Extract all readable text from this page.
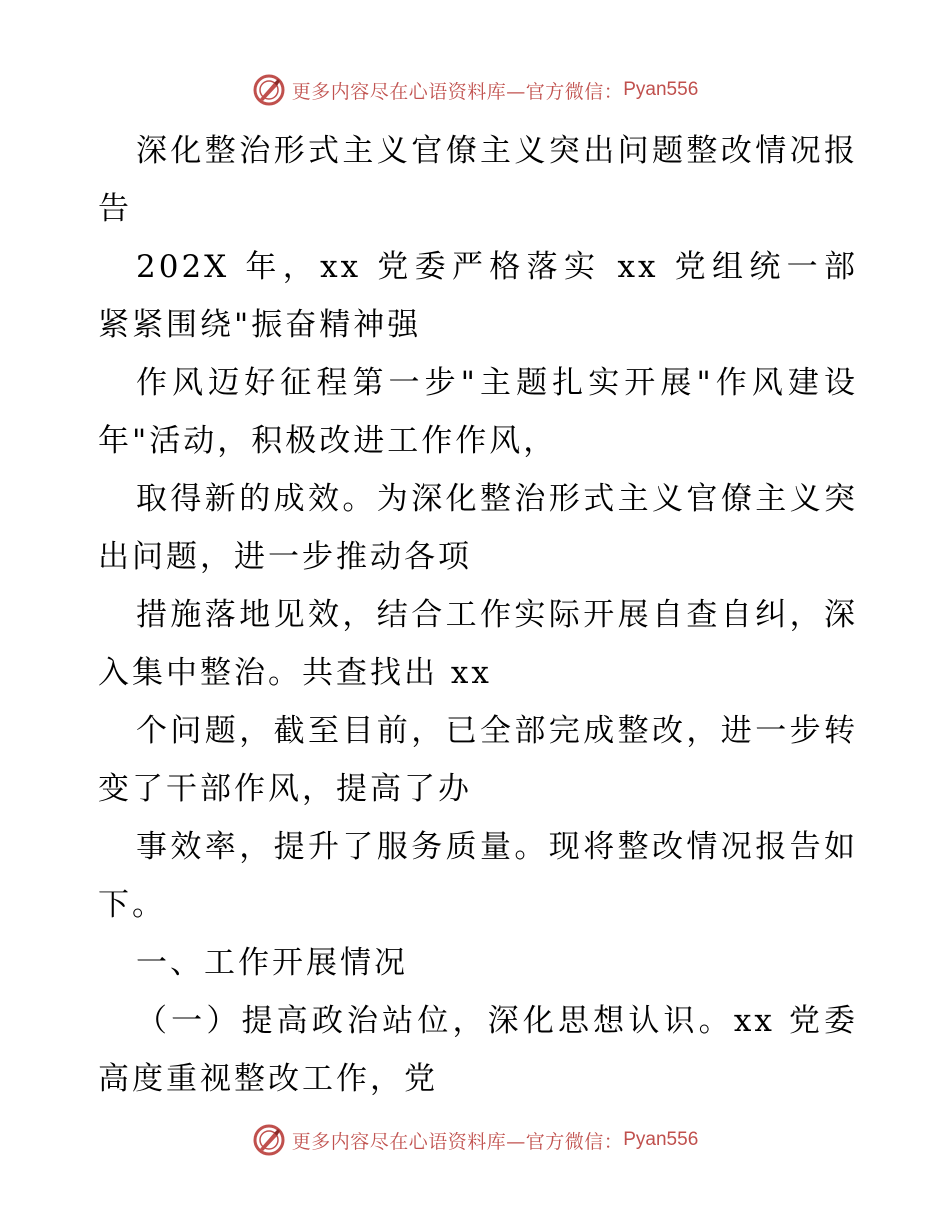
更多内容尽在心语资料库—官方微信： Pyan556
深化整治形式主义官僚主义突出问题整改情况报
告
202X 年，xx 党委严格落实 xx 党组统一部
紧紧围绕"振奋精神强
作风迈好征程第一步"主题扎实开展"作风建设
年"活动，积极改进工作作风，
取得新的成效。为深化整治形式主义官僚主义突
出问题，进一步推动各项
措施落地见效，结合工作实际开展自查自纠，深
入集中整治。共查找出 xx
个问题，截至目前，已全部完成整改，进一步转
变了干部作风，提高了办
事效率，提升了服务质量。现将整改情况报告如
下。
一、工作开展情况
（一）提高政治站位，深化思想认识。xx 党委
高度重视整改工作，党
更多内容尽在心语资料库—官方微信： Pyan556
